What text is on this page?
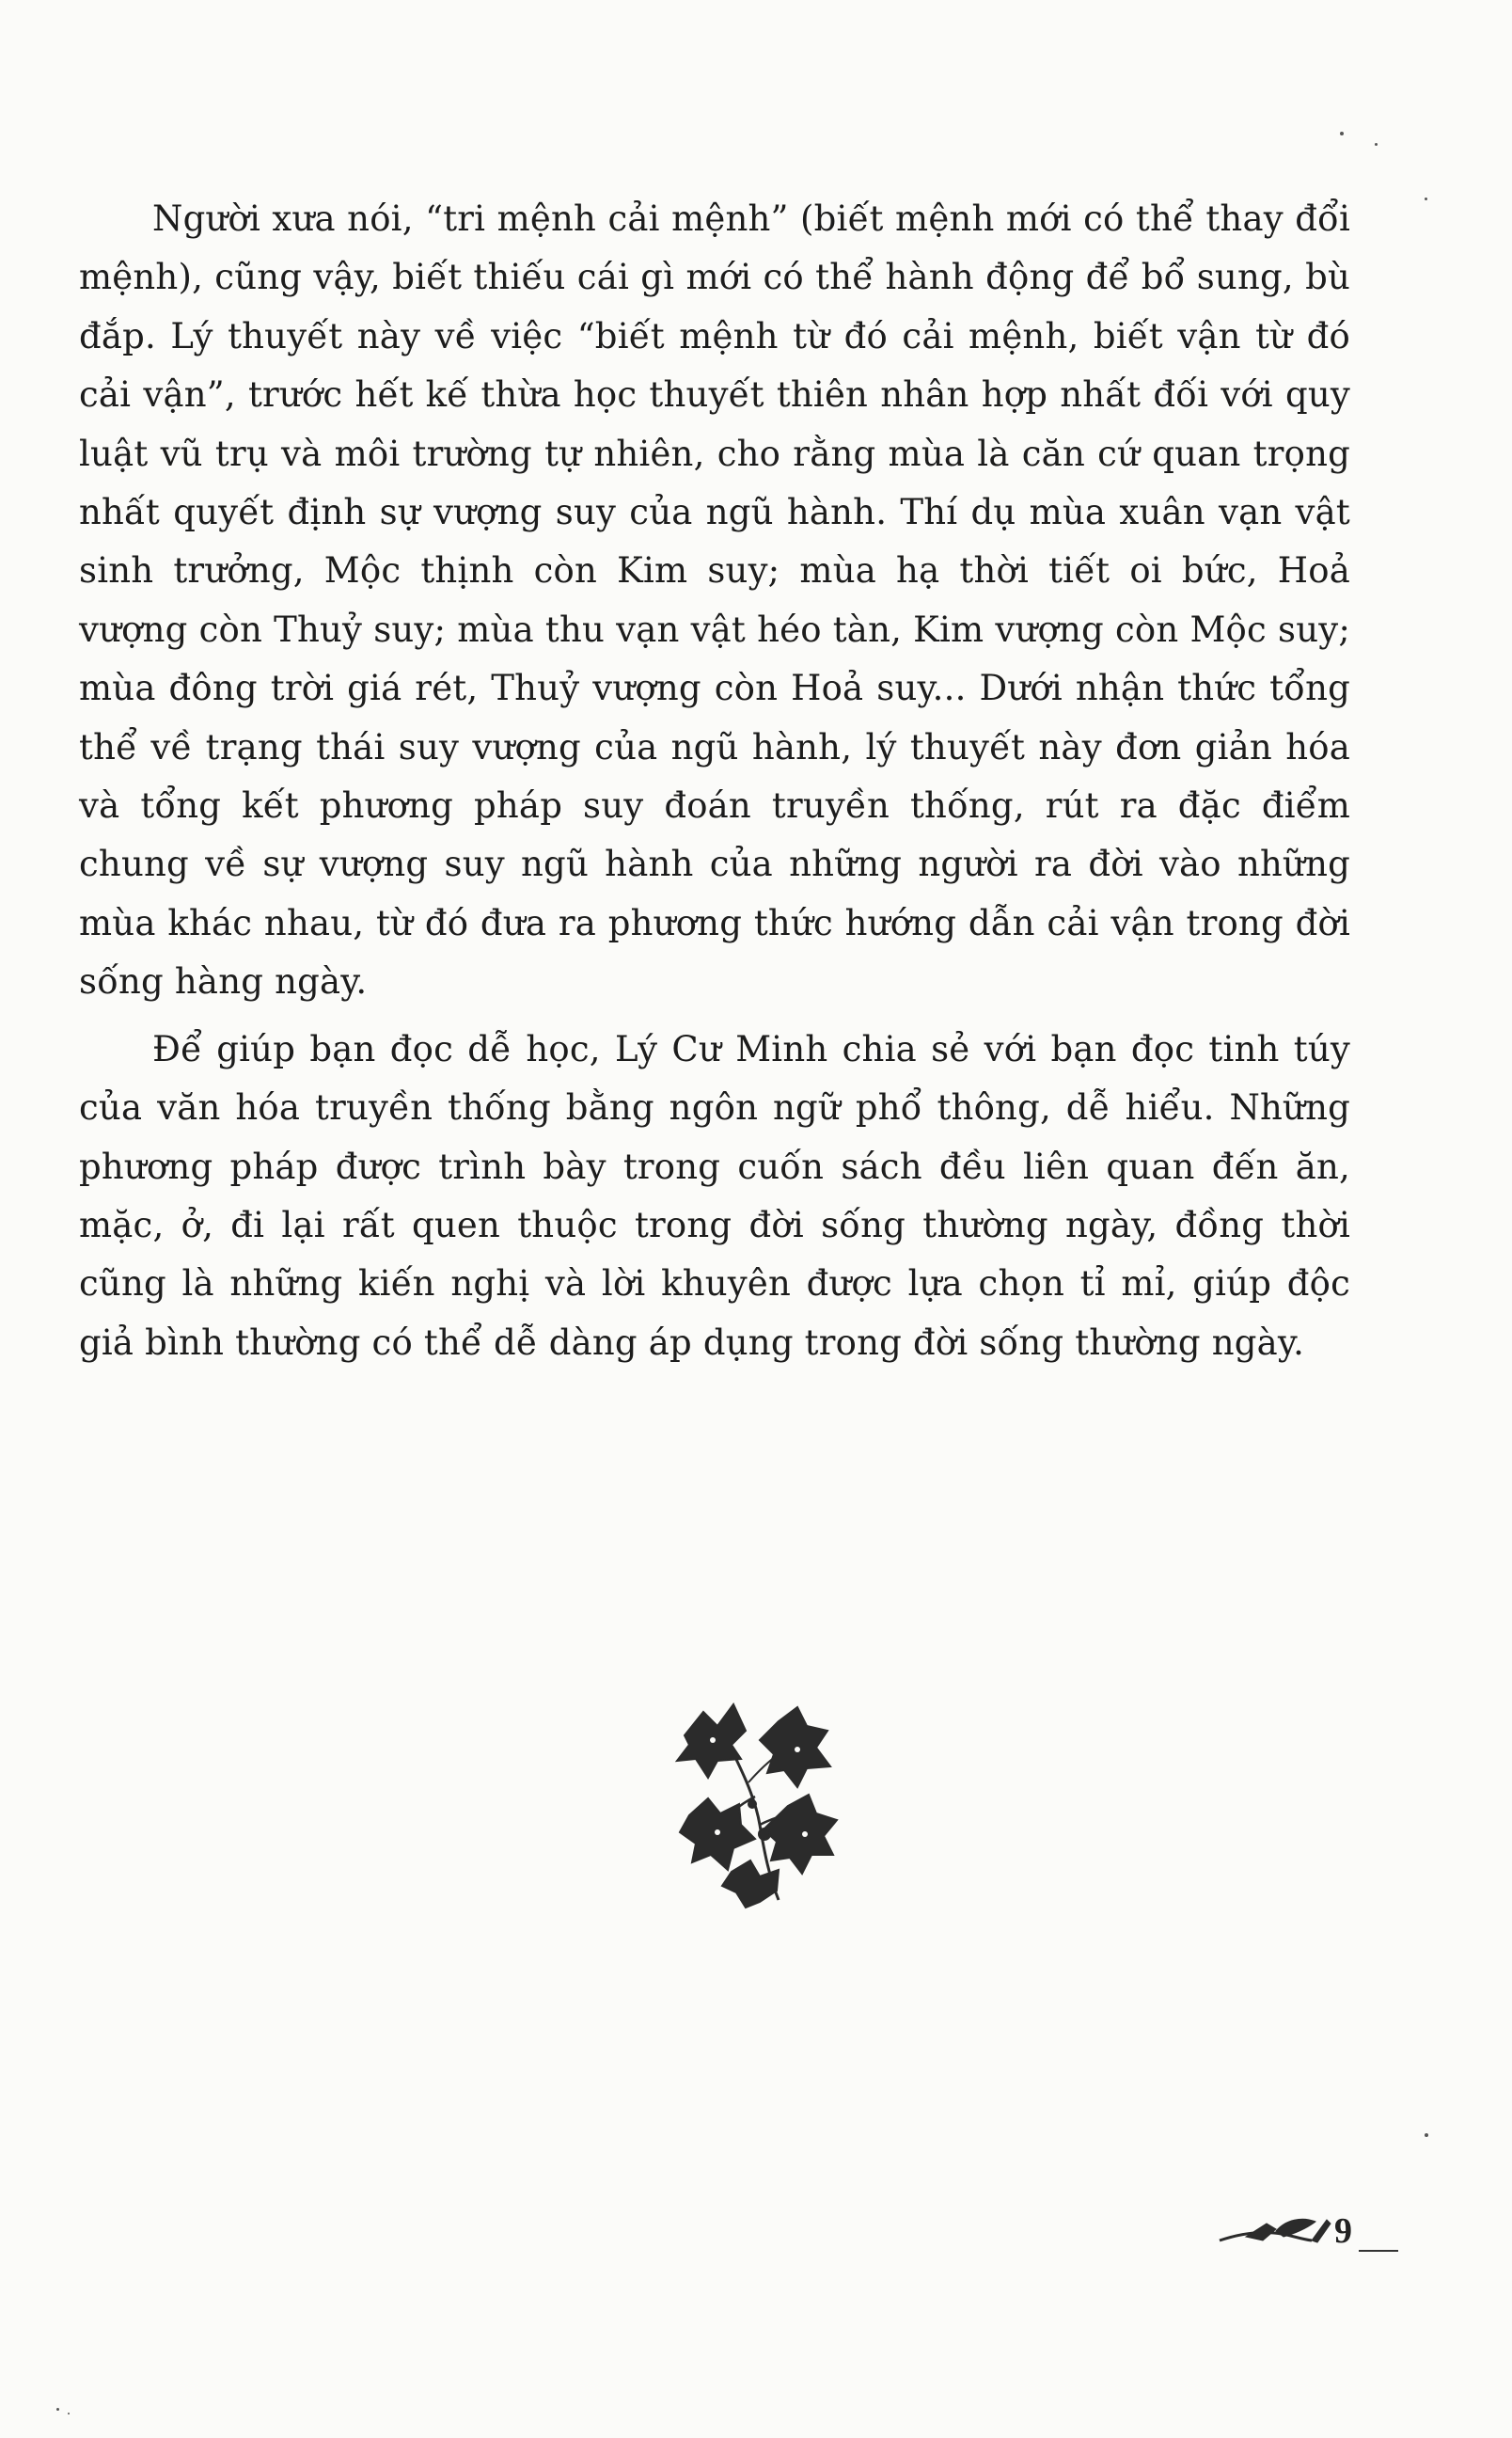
Người xưa nói, “tri mệnh cải mệnh” (biết mệnh mới có thể thay đổi mệnh), cũng vậy, biết thiếu cái gì mới có thể hành động để bổ sung, bù đắp. Lý thuyết này về việc “biết mệnh từ đó cải mệnh, biết vận từ đó cải vận”, trước hết kế thừa học thuyết thiên nhân hợp nhất đối với quy luật vũ trụ và môi trường tự nhiên, cho rằng mùa là căn cứ quan trọng nhất quyết định sự vượng suy của ngũ hành. Thí dụ mùa xuân vạn vật sinh trưởng, Mộc thịnh còn Kim suy; mùa hạ thời tiết oi bức, Hoả vượng còn Thuỷ suy; mùa thu vạn vật héo tàn, Kim vượng còn Mộc suy; mùa đông trời giá rét, Thuỷ vượng còn Hoả suy... Dưới nhận thức tổng thể về trạng thái suy vượng của ngũ hành, lý thuyết này đơn giản hóa và tổng kết phương pháp suy đoán truyền thống, rút ra đặc điểm chung về sự vượng suy ngũ hành của những người ra đời vào những mùa khác nhau, từ đó đưa ra phương thức hướng dẫn cải vận trong đời sống hàng ngày.

Để giúp bạn đọc dễ học, Lý Cư Minh chia sẻ với bạn đọc tinh túy của văn hóa truyền thống bằng ngôn ngữ phổ thông, dễ hiểu. Những phương pháp được trình bày trong cuốn sách đều liên quan đến ăn, mặc, ở, đi lại rất quen thuộc trong đời sống thường ngày, đồng thời cũng là những kiến nghị và lời khuyên được lựa chọn tỉ mỉ, giúp độc giả bình thường có thể dễ dàng áp dụng trong đời sống thường ngày.

9
